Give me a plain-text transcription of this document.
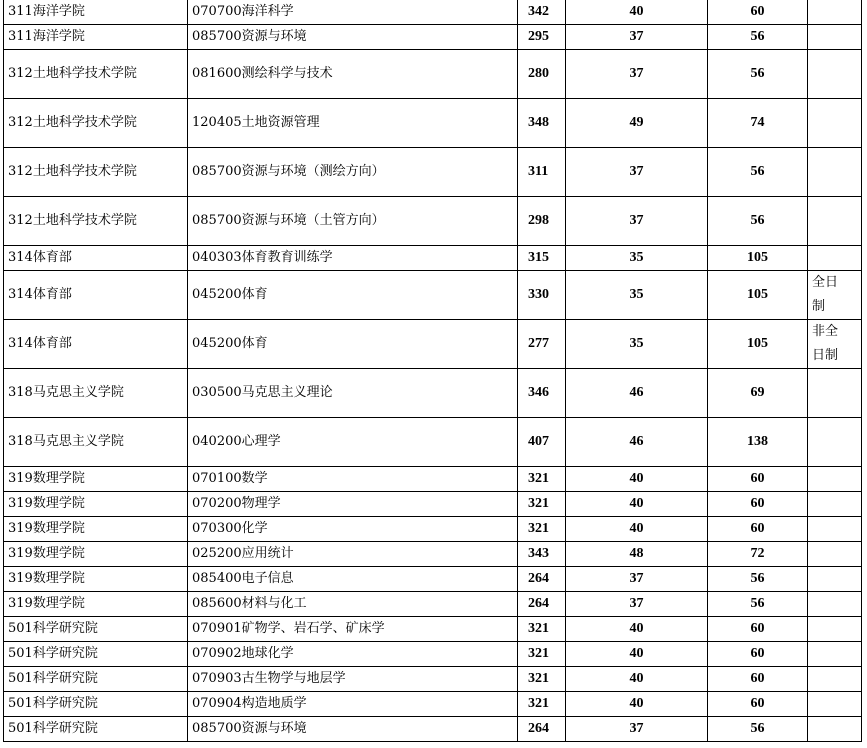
311海洋学院	070700海洋科学	342	40	60	
311海洋学院	085700资源与环境	295	37	56	
312土地科学技术学院	081600测绘科学与技术	280	37	56	
312土地科学技术学院	120405土地资源管理	348	49	74	
312土地科学技术学院	085700资源与环境（测绘方向）	311	37	56	
312土地科学技术学院	085700资源与环境（土管方向）	298	37	56	
314体育部	040303体育教育训练学	315	35	105	
314体育部	045200体育	330	35	105	全日制
314体育部	045200体育	277	35	105	非全日制
318马克思主义学院	030500马克思主义理论	346	46	69	
318马克思主义学院	040200心理学	407	46	138	
319数理学院	070100数学	321	40	60	
319数理学院	070200物理学	321	40	60	
319数理学院	070300化学	321	40	60	
319数理学院	025200应用统计	343	48	72	
319数理学院	085400电子信息	264	37	56	
319数理学院	085600材料与化工	264	37	56	
501科学研究院	070901矿物学、岩石学、矿床学	321	40	60	
501科学研究院	070902地球化学	321	40	60	
501科学研究院	070903古生物学与地层学	321	40	60	
501科学研究院	070904构造地质学	321	40	60	
501科学研究院	085700资源与环境	264	37	56	
